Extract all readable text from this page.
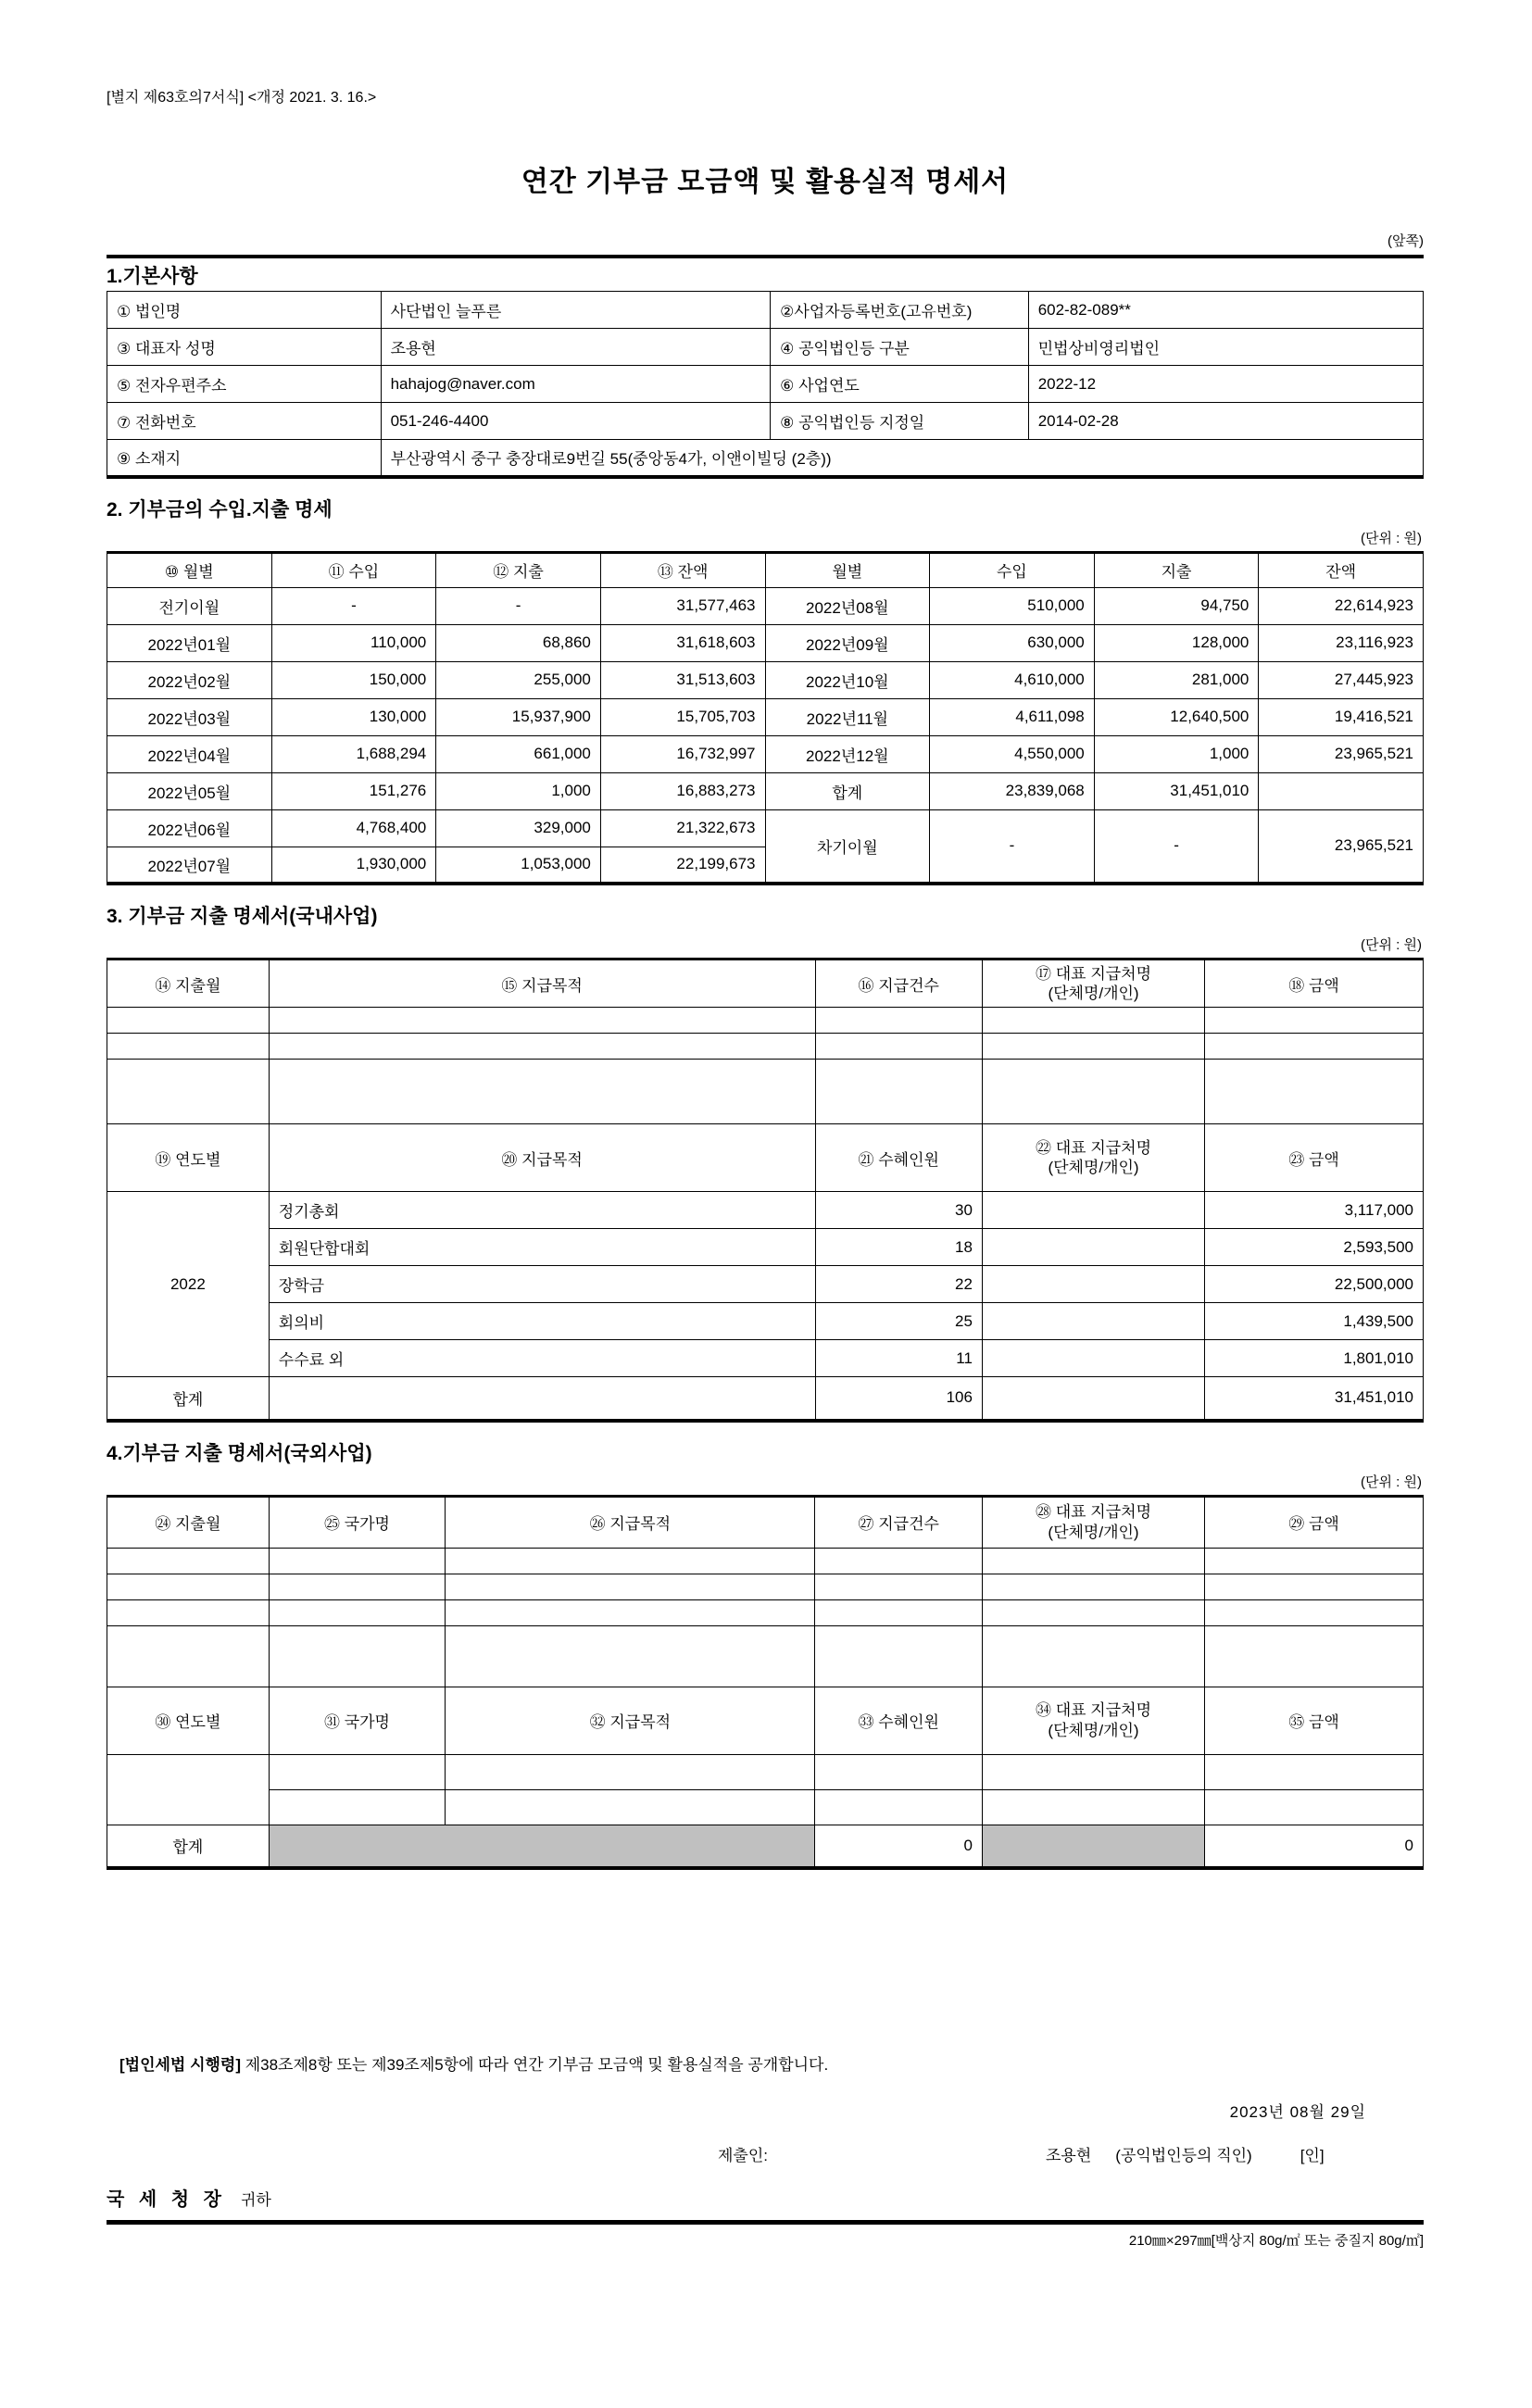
[별지 제63호의7서식] <개정 2021. 3. 16.>
연간 기부금 모금액 및 활용실적 명세서
(앞쪽)
1.기본사항
① 법인명	사단법인 늘푸른	②사업자등록번호(고유번호)	602-82-089**
③ 대표자 성명	조용현	④ 공익법인등 구분	민법상비영리법인
⑤ 전자우편주소	hahajog@naver.com	⑥ 사업연도	2022-12
⑦ 전화번호	051-246-4400	⑧ 공익법인등 지정일	2014-02-28
⑨ 소재지	부산광역시 중구 충장대로9번길 55(중앙동4가, 이앤이빌딩 (2층))		
2. 기부금의 수입.지출 명세
(단위 : 원)
⑩ 월별	⑪ 수입	⑫ 지출	⑬ 잔액	월별	수입	지출	잔액
전기이월	-	-	31,577,463	2022년08월	510,000	94,750	22,614,923
2022년01월	110,000	68,860	31,618,603	2022년09월	630,000	128,000	23,116,923
2022년02월	150,000	255,000	31,513,603	2022년10월	4,610,000	281,000	27,445,923
2022년03월	130,000	15,937,900	15,705,703	2022년11월	4,611,098	12,640,500	19,416,521
2022년04월	1,688,294	661,000	16,732,997	2022년12월	4,550,000	1,000	23,965,521
2022년05월	151,276	1,000	16,883,273	합계	23,839,068	31,451,010	
2022년06월	4,768,400	329,000	21,322,673	차기이월	-	-	23,965,521
2022년07월	1,930,000	1,053,000	22,199,673				
3. 기부금 지출 명세서(국내사업)
(단위 : 원)
⑭ 지출월	⑮ 지급목적	⑯ 지급건수	⑰ 대표 지급처명
(단체명/개인)	⑱ 금액

⑲ 연도별	⑳ 지급목적	㉑ 수혜인원	㉒ 대표 지급처명
(단체명/개인)	㉓ 금액
2022	정기총회	30		3,117,000
	회원단합대회	18		2,593,500
	장학금	22		22,500,000
	회의비	25		1,439,500
	수수료 외	11		1,801,010
합계		106		31,451,010
4.기부금 지출 명세서(국외사업)
(단위 : 원)
㉔ 지출월	㉕ 국가명	㉖ 지급목적	㉗ 지급건수	㉘ 대표 지급처명
(단체명/개인)	㉙ 금액

㉚ 연도별	㉛ 국가명	㉜ 지급목적	㉝ 수혜인원	㉞ 대표 지급처명
(단체명/개인)	㉟ 금액

합계			0		0

[법인세법 시행령] 제38조제8항 또는 제39조제5항에 따라 연간 기부금 모금액 및 활용실적을 공개합니다.

2023년 08월 29일
제출인:	조용현 (공익법인등의 직인)	[인]
국 세 청 장 귀하
210㎜×297㎜[백상지 80g/㎡ 또는 중질지 80g/㎡]
